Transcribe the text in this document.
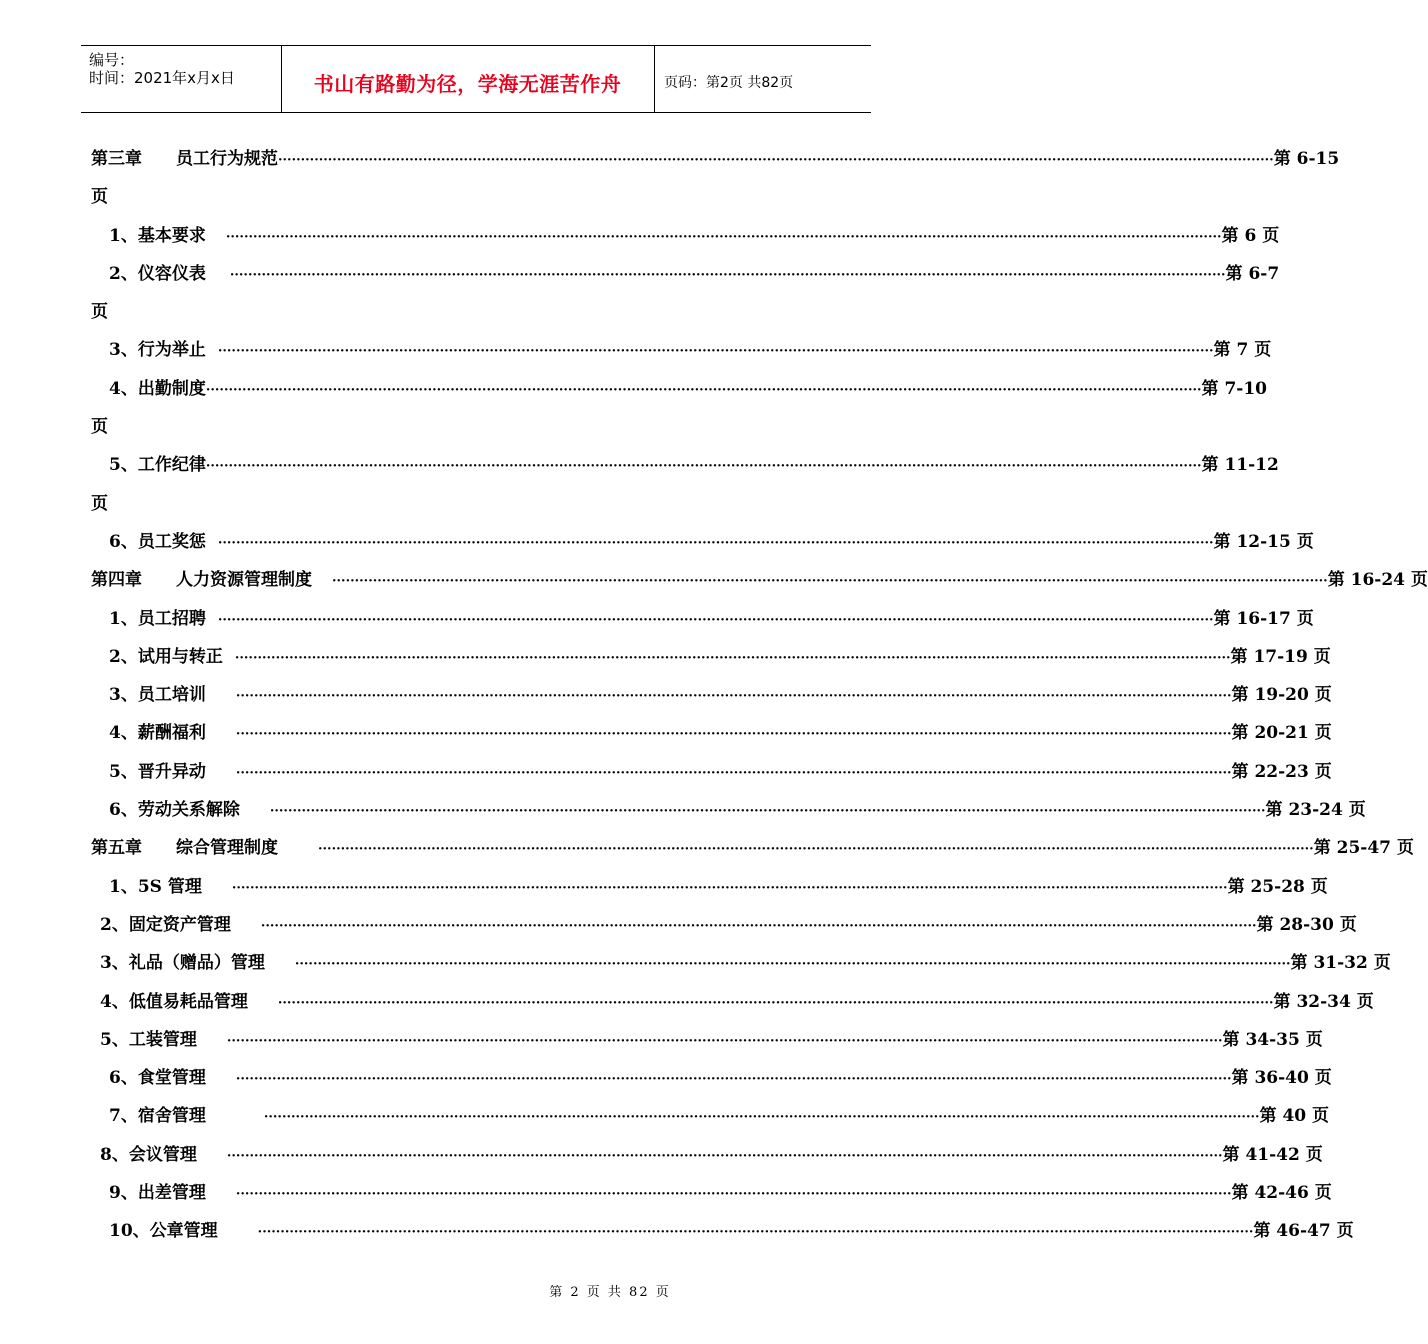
编号：
时间：2021年x月x日	书山有路勤为径，学海无涯苦作舟	页码：第2页 共82页
第三章　　员工行为规范 ···························································································································································································································· 第 6-15
页
1、基本要求 ···························································································································································································································· 第 6 页
2、仪容仪表 ···························································································································································································································· 第 6-7
页
3、行为举止 ···························································································································································································································· 第 7 页
4、出勤制度 ···························································································································································································································· 第 7-10
页
5、工作纪律 ···························································································································································································································· 第 11-12
页
6、员工奖惩 ···························································································································································································································· 第 12-15 页
第四章　　人力资源管理制度 ···························································································································································································································· 第 16-24 页
1、员工招聘 ···························································································································································································································· 第 16-17 页
2、试用与转正 ···························································································································································································································· 第 17-19 页
3、员工培训 ···························································································································································································································· 第 19-20 页
4、薪酬福利 ···························································································································································································································· 第 20-21 页
5、晋升异动 ···························································································································································································································· 第 22-23 页
6、劳动关系解除 ···························································································································································································································· 第 23-24 页
第五章　　综合管理制度	···························································································································································································································· 第 25-47 页
1、5S 管理 ···························································································································································································································· 第 25-28 页
2、固定资产管理 ···························································································································································································································· 第 28-30 页
3、礼品（赠品）管理 ···························································································································································································································· 第 31-32 页
4、低值易耗品管理 ···························································································································································································································· 第 32-34 页
5、工装管理 ···························································································································································································································· 第 34-35 页
6、食堂管理 ···························································································································································································································· 第 36-40 页
7、宿舍管理	···························································································································································································································· 第 40 页
8、会议管理 ···························································································································································································································· 第 41-42 页
9、出差管理 ···························································································································································································································· 第 42-46 页
10、公章管理	···························································································································································································································· 第 46-47 页
第 2 页 共 82 页
